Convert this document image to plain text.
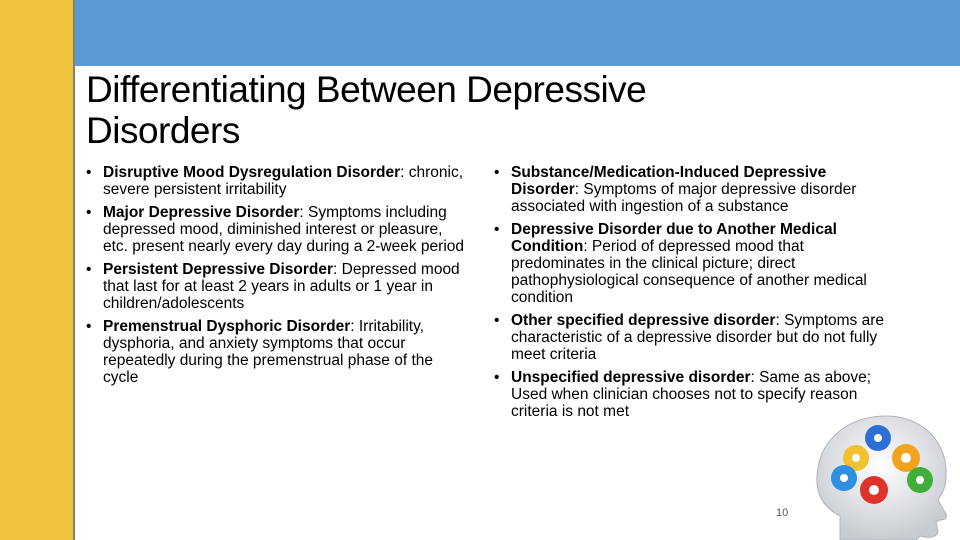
Differentiating Between Depressive Disorders
• Disruptive Mood Dysregulation Disorder: chronic, severe persistent irritability
• Major Depressive Disorder: Symptoms including depressed mood, diminished interest or pleasure, etc. present nearly every day during a 2-week period
• Persistent Depressive Disorder: Depressed mood that last for at least 2 years in adults or 1 year in children/adolescents
• Premenstrual Dysphoric Disorder: Irritability, dysphoria, and anxiety symptoms that occur repeatedly during the premenstrual phase of the cycle
• Substance/Medication-Induced Depressive Disorder: Symptoms of major depressive disorder associated with ingestion of a substance
• Depressive Disorder due to Another Medical Condition: Period of depressed mood that predominates in the clinical picture; direct pathophysiological consequence of another medical condition
• Other specified depressive disorder: Symptoms are characteristic of a depressive disorder but do not fully meet criteria
• Unspecified depressive disorder: Same as above; Used when clinician chooses not to specify reason criteria is not met
10
